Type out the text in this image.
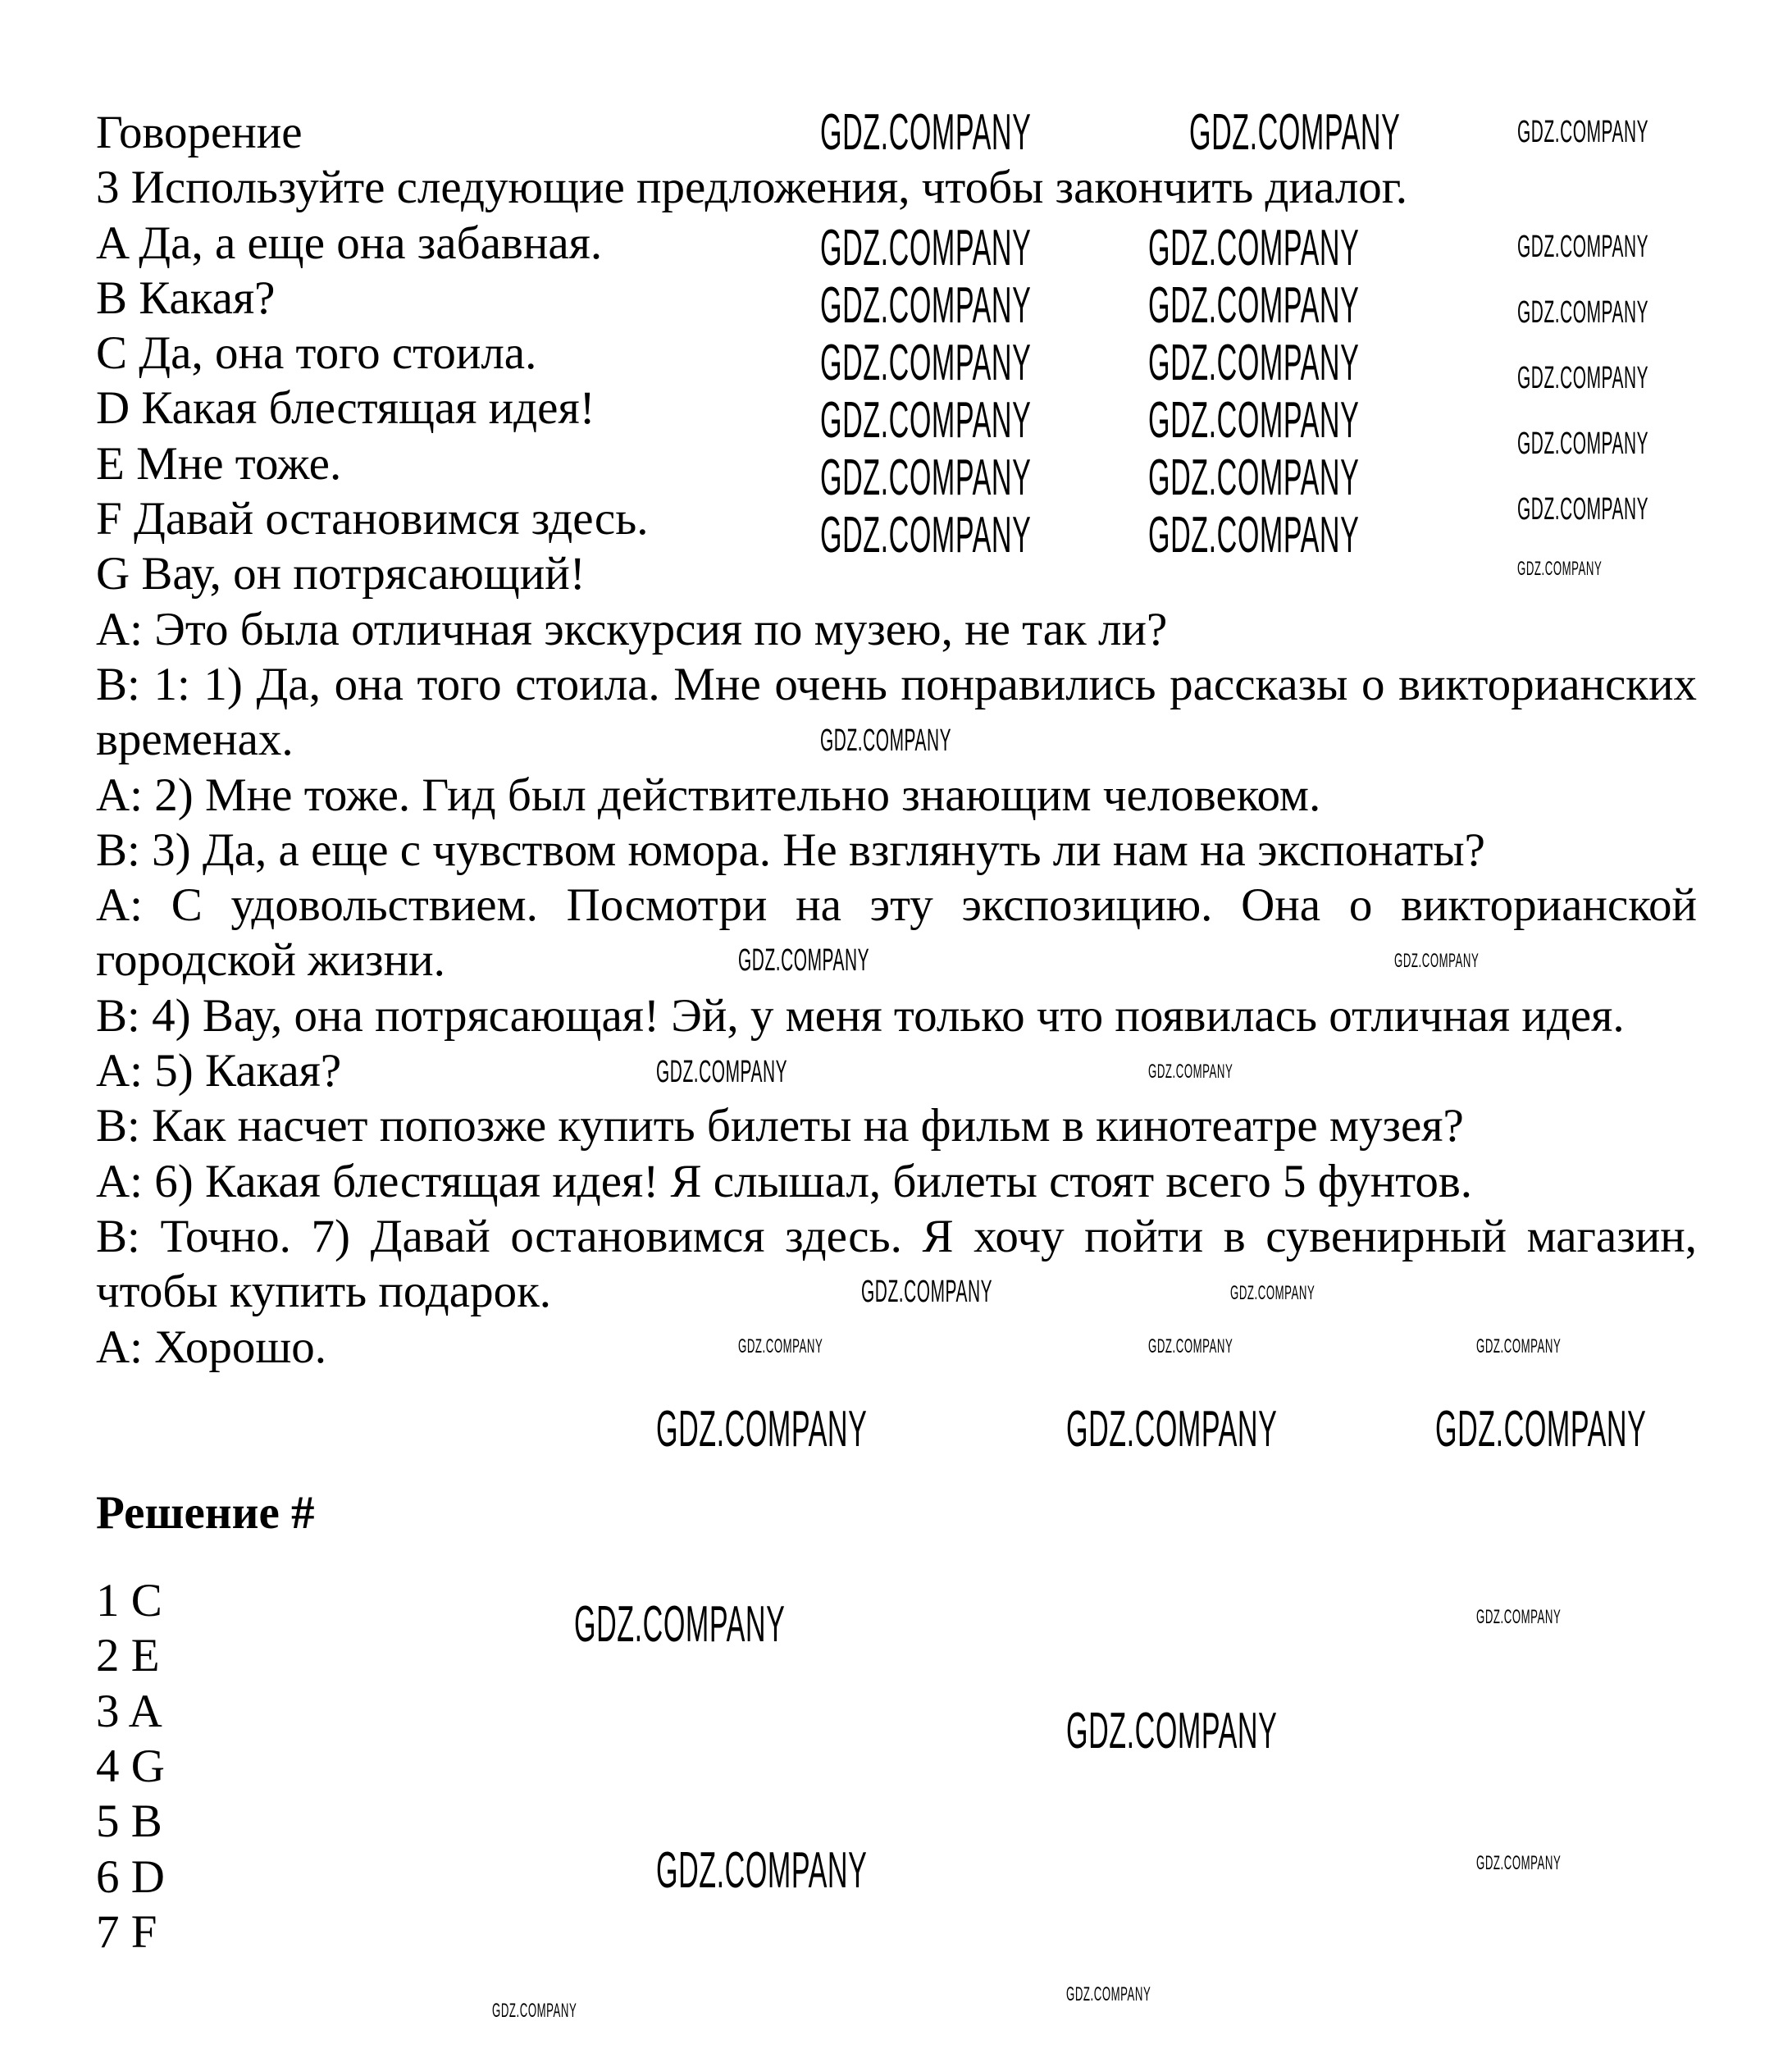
Говорение

3 Используйте следующие предложения, чтобы закончить диалог.

A Да, а еще она забавная.

B Какая?

C Да, она того стоила.

D Какая блестящая идея!

E Мне тоже.

F Давай остановимся здесь.

G Вау, он потрясающий!

A: Это была отличная экскурсия по музею, не так ли?

B: 1: 1) Да, она того стоила. Мне очень понравились рассказы о викторианских временах.

A: 2) Мне тоже. Гид был действительно знающим человеком.

B: 3) Да, а еще с чувством юмора. Не взглянуть ли нам на экспонаты?

A: С удовольствием. Посмотри на эту экспозицию. Она о викторианской городской жизни.

B: 4) Вау, она потрясающая! Эй, у меня только что появилась отличная идея.

A: 5) Какая?

B: Как насчет попозже купить билеты на фильм в кинотеатре музея?

A: 6) Какая блестящая идея! Я слышал, билеты стоят всего 5 фунтов.

B: Точно. 7) Давай остановимся здесь. Я хочу пойти в сувенирный магазин, чтобы купить подарок.

A: Хорошо.

Решение #

1 C

2 E

3 A

4 G

5 B

6 D

7 F

GDZ.COMPANY	GDZ.COMPANY
GDZ.COMPANY GDZ.COMPANY
GDZ.COMPANY GDZ.COMPANY
GDZ.COMPANY GDZ.COMPANY
GDZ.COMPANY GDZ.COMPANY
GDZ.COMPANY GDZ.COMPANY
GDZ.COMPANY GDZ.COMPANY
GDZ.COMPANY	GDZ.COMPANY	GDZ.COMPANY
GDZ.COMPANY
GDZ.COMPANY
GDZ.COMPANY
GDZ.COMPANY
GDZ.COMPANY
GDZ.COMPANY
GDZ.COMPANY
GDZ.COMPANY
GDZ.COMPANY
GDZ.COMPANY
GDZ.COMPANY
GDZ.COMPANY
GDZ.COMPANY
GDZ.COMPANY
GDZ.COMPANY
GDZ.COMPANY
GDZ.COMPANY
GDZ.COMPANY	GDZ.COMPANY	GDZ.COMPANY
GDZ.COMPANY
GDZ.COMPANY
GDZ.COMPANY
GDZ.COMPANY
